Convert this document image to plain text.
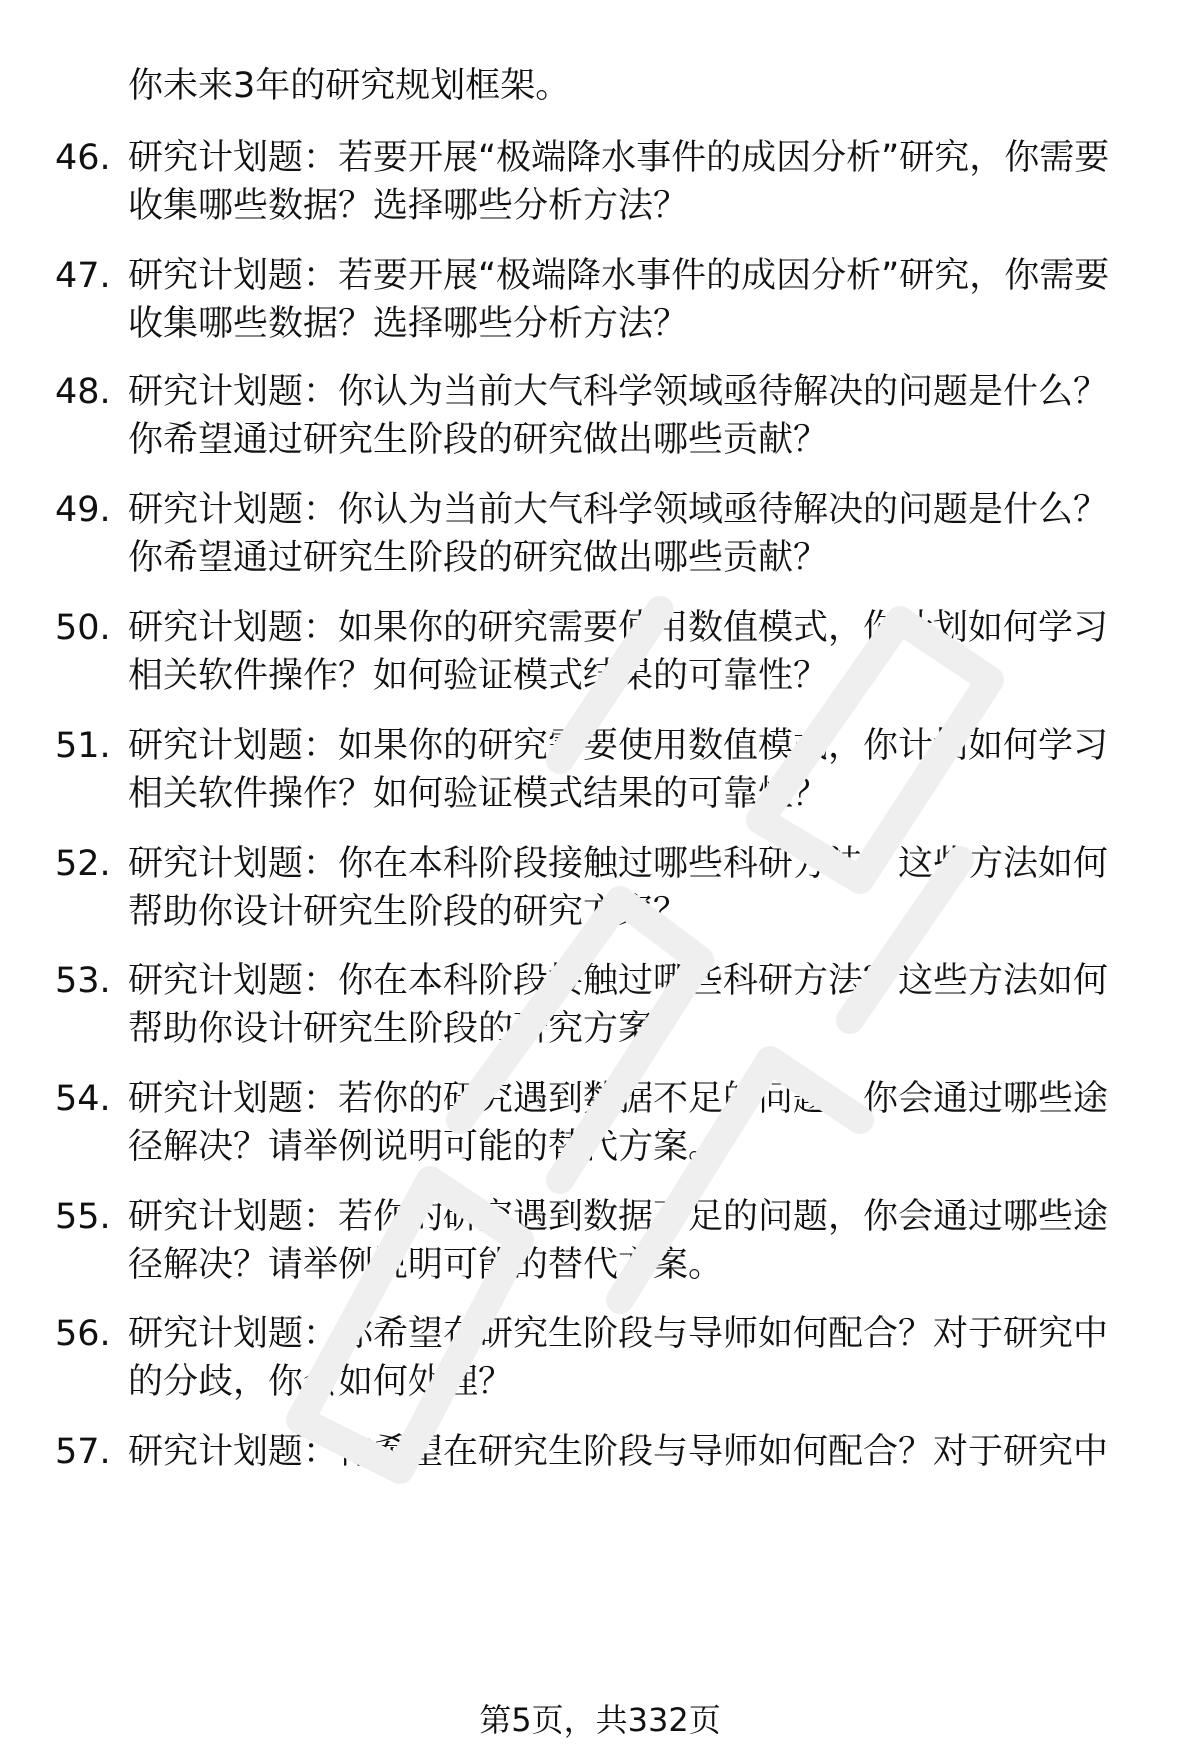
你未来3年的研究规划框架。
46. 研究计划题：若要开展“极端降水事件的成因分析”研究，你需要收集哪些数据？选择哪些分析方法？
47. 研究计划题：若要开展“极端降水事件的成因分析”研究，你需要收集哪些数据？选择哪些分析方法？
48. 研究计划题：你认为当前大气科学领域亟待解决的问题是什么？你希望通过研究生阶段的研究做出哪些贡献？
49. 研究计划题：你认为当前大气科学领域亟待解决的问题是什么？你希望通过研究生阶段的研究做出哪些贡献？
50. 研究计划题：如果你的研究需要使用数值模式，你计划如何学习相关软件操作？如何验证模式结果的可靠性？
51. 研究计划题：如果你的研究需要使用数值模式，你计划如何学习相关软件操作？如何验证模式结果的可靠性？
52. 研究计划题：你在本科阶段接触过哪些科研方法？这些方法如何帮助你设计研究生阶段的研究方案？
53. 研究计划题：你在本科阶段接触过哪些科研方法？这些方法如何帮助你设计研究生阶段的研究方案？
54. 研究计划题：若你的研究遇到数据不足的问题，你会通过哪些途径解决？请举例说明可能的替代方案。
55. 研究计划题：若你的研究遇到数据不足的问题，你会通过哪些途径解决？请举例说明可能的替代方案。
56. 研究计划题：你希望在研究生阶段与导师如何配合？对于研究中的分歧，你会如何处理？
57. 研究计划题：你希望在研究生阶段与导师如何配合？对于研究中
第5页，共332页
